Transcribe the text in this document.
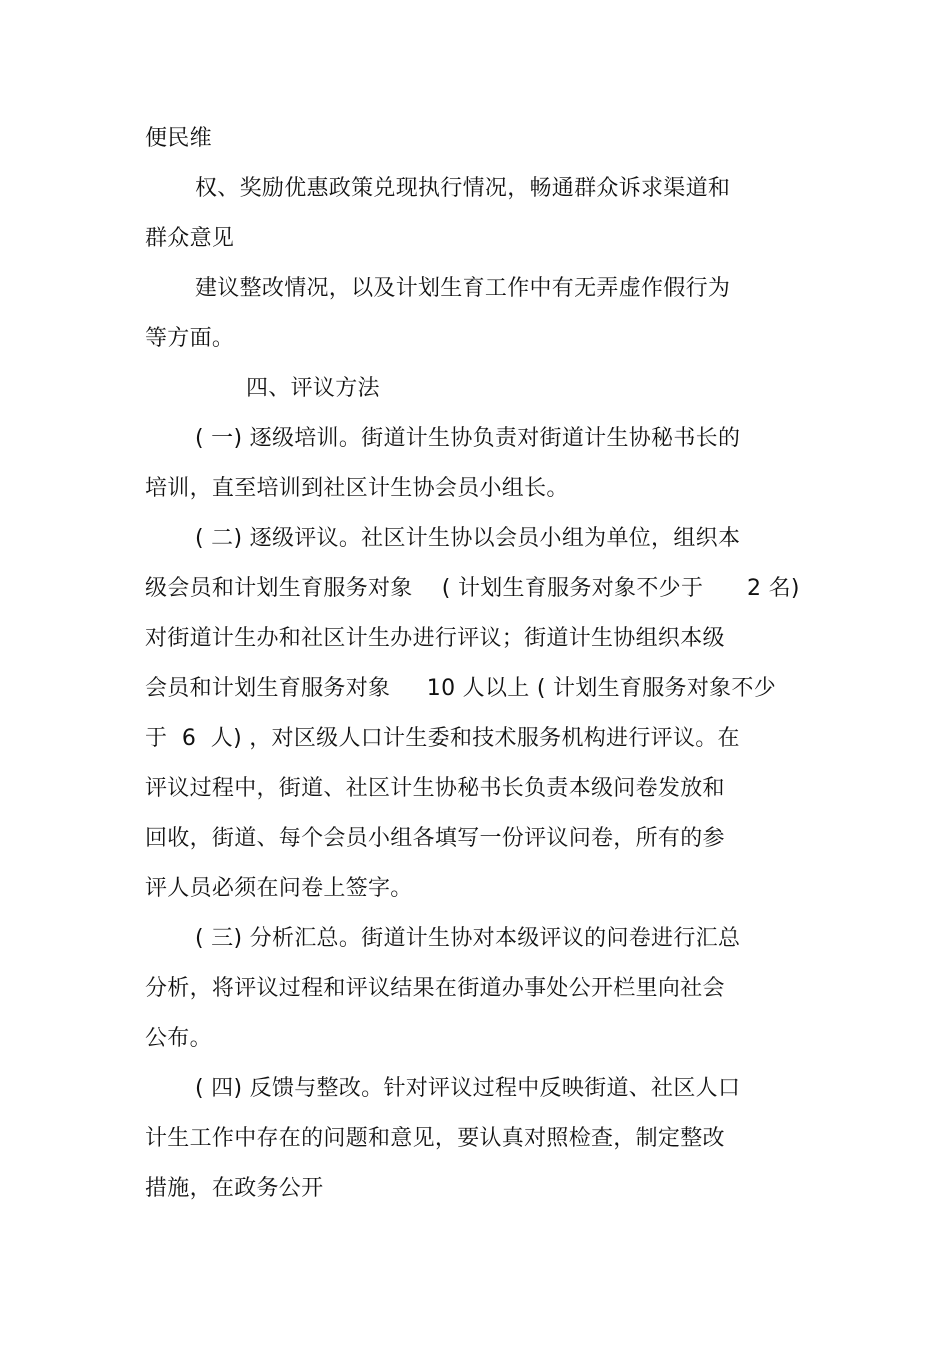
便民维
权、奖励优惠政策兑现执行情况，畅通群众诉求渠道和
群众意见
建议整改情况，以及计划生育工作中有无弄虚作假行为
等方面。
四、评议方法
( 一) 逐级培训。街道计生协负责对街道计生协秘书长的
培训，直至培训到社区计生协会员小组长。
( 二) 逐级评议。社区计生协以会员小组为单位，组织本
级会员和计划生育服务对象    ( 计划生育服务对象不少于      2 名)
对街道计生办和社区计生办进行评议；街道计生协组织本级
会员和计划生育服务对象     10 人以上 ( 计划生育服务对象不少
于  6  人) ，对区级人口计生委和技术服务机构进行评议。在
评议过程中，街道、社区计生协秘书长负责本级问卷发放和
回收，街道、每个会员小组各填写一份评议问卷，所有的参
评人员必须在问卷上签字。
( 三) 分析汇总。街道计生协对本级评议的问卷进行汇总
分析，将评议过程和评议结果在街道办事处公开栏里向社会
公布。
( 四) 反馈与整改。针对评议过程中反映街道、社区人口
计生工作中存在的问题和意见，要认真对照检查，制定整改
措施，在政务公开
